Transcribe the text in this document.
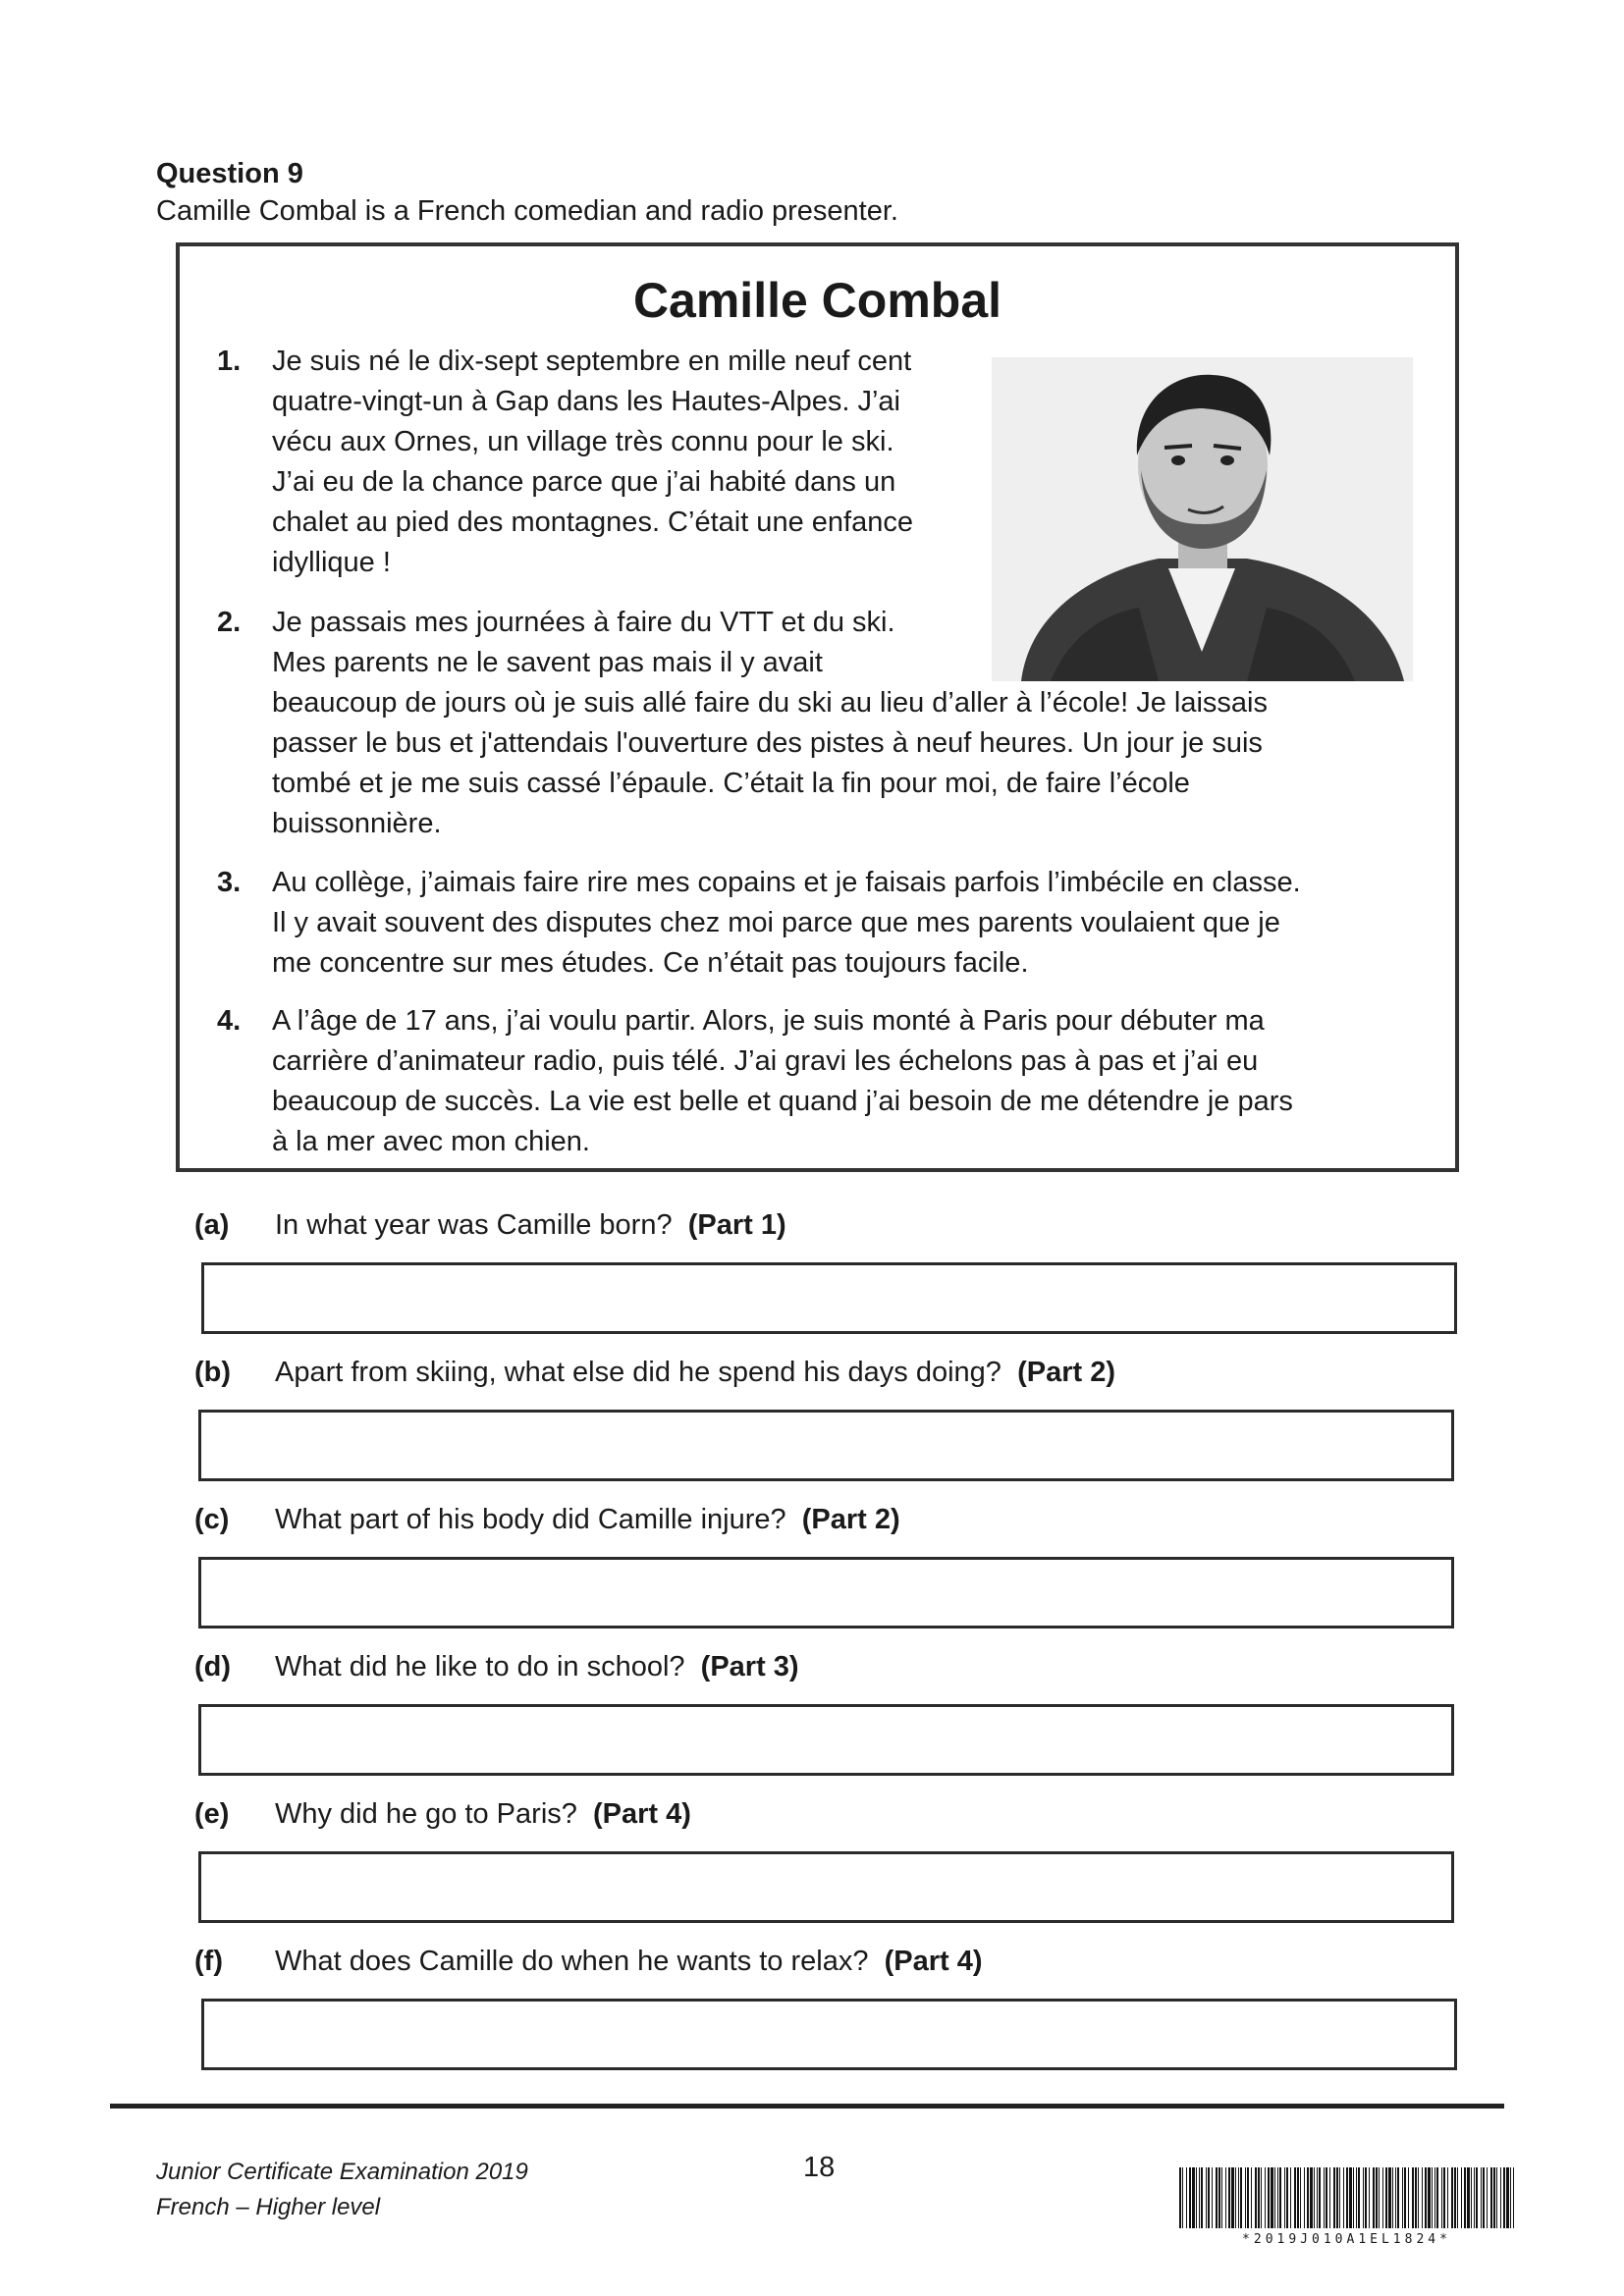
Question 9
Camille Combal is a French comedian and radio presenter.
Camille Combal
1. Je suis né le dix-sept septembre en mille neuf cent
quatre-vingt-un à Gap dans les Hautes-Alpes. J’ai
vécu aux Ornes, un village très connu pour le ski.
J’ai eu de la chance parce que j’ai habité dans un
chalet au pied des montagnes. C’était une enfance
idyllique !
2. Je passais mes journées à faire du VTT et du ski.
Mes parents ne le savent pas mais il y avait
beaucoup de jours où je suis allé faire du ski au lieu d’aller à l’école! Je laissais
passer le bus et j'attendais l'ouverture des pistes à neuf heures. Un jour je suis
tombé et je me suis cassé l’épaule. C’était la fin pour moi, de faire l’école
buissonnière.
3. Au collège, j’aimais faire rire mes copains et je faisais parfois l’imbécile en classe.
Il y avait souvent des disputes chez moi parce que mes parents voulaient que je
me concentre sur mes études. Ce n’était pas toujours facile.
4. A l’âge de 17 ans, j’ai voulu partir. Alors, je suis monté à Paris pour débuter ma
carrière d’animateur radio, puis télé. J’ai gravi les échelons pas à pas et j’ai eu
beaucoup de succès. La vie est belle et quand j’ai besoin de me détendre je pars
à la mer avec mon chien.
(a) In what year was Camille born? (Part 1)
(b) Apart from skiing, what else did he spend his days doing? (Part 2)
(c) What part of his body did Camille injure? (Part 2)
(d) What did he like to do in school? (Part 3)
(e) Why did he go to Paris? (Part 4)
(f) What does Camille do when he wants to relax? (Part 4)
Junior Certificate Examination 2019
French – Higher level
18
*2019J010A1EL1824*
